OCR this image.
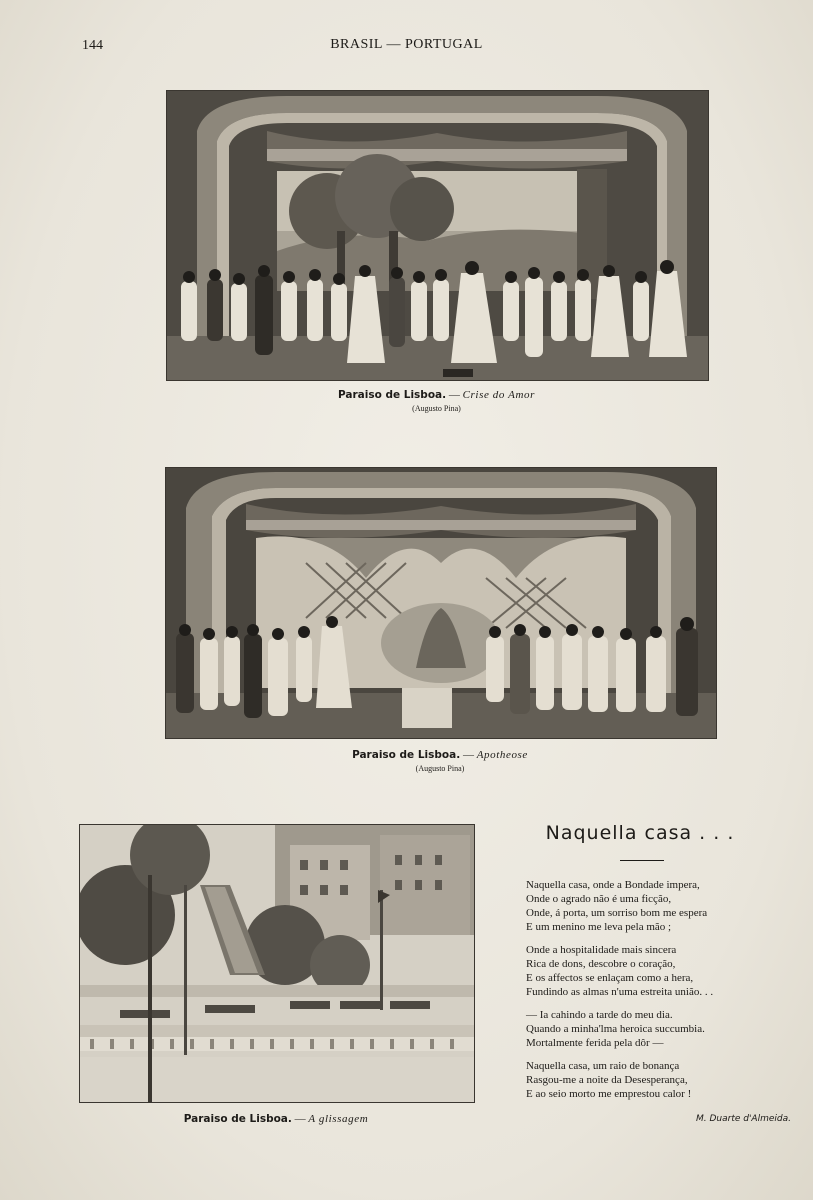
144	BRASIL — PORTUGAL
Paraiso de Lisboa. — Crise do Amor
(Augusto Pina)
Paraiso de Lisboa. — Apotheose
(Augusto Pina)
Paraiso de Lisboa. — A glissagem
Naquella casa . . .
Naquella casa, onde a Bondade impera,
Onde o agrado não é uma ficção,
Onde, á porta, um sorriso bom me espera
E um menino me leva pela mão ;
Onde a hospitalidade mais sincera
Rica de dons, descobre o coração,
E os affectos se enlaçam como a hera,
Fundindo as almas n'uma estreita união. . .
— Ia cahindo a tarde do meu dia.
Quando a minha'lma heroica succumbia.
Mortalmente ferida pela dôr —
Naquella casa, um raio de bonança
Rasgou-me a noite da Desesperança,
E ao seio morto me emprestou calor !
M. Duarte d'Almeida.
